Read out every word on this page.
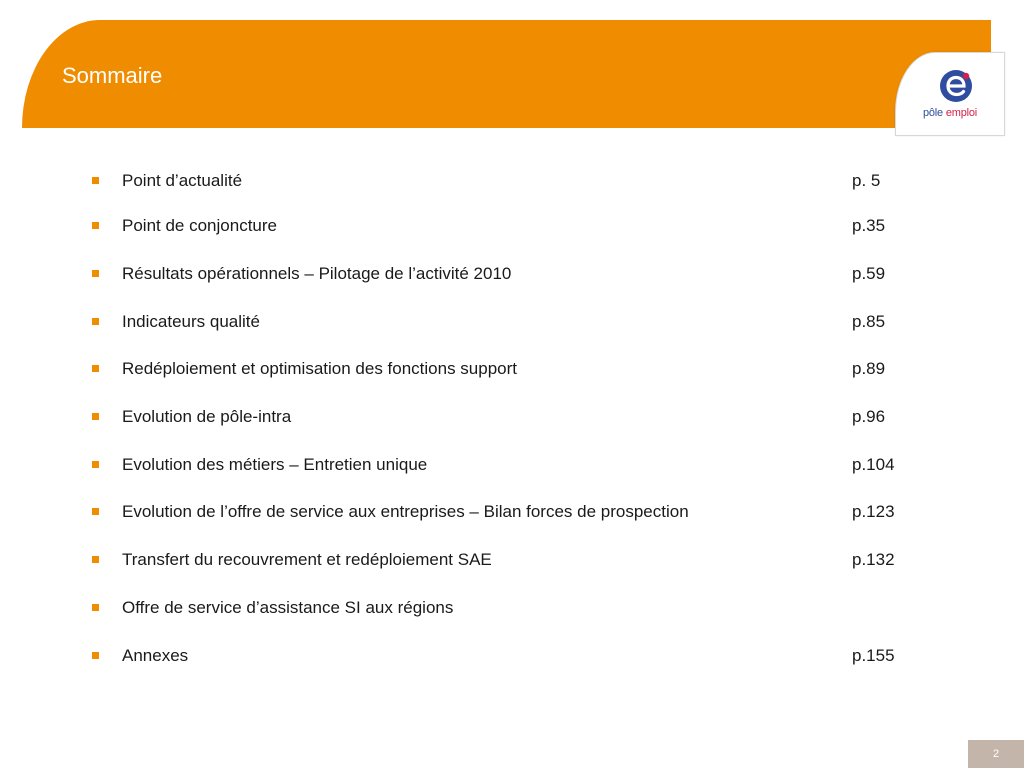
Sommaire
pôle emploi
Point d’actualité	p. 5
Point de conjoncture	p.35
Résultats opérationnels – Pilotage de l’activité 2010	p.59
Indicateurs qualité	p.85
Redéploiement et optimisation des fonctions support	p.89
Evolution de pôle-intra	p.96
Evolution des métiers – Entretien unique	p.104
Evolution de l’offre de service aux entreprises – Bilan forces de prospection	p.123
Transfert du recouvrement et redéploiement SAE	p.132
Offre de service d’assistance SI aux régions
Annexes	p.155
2
